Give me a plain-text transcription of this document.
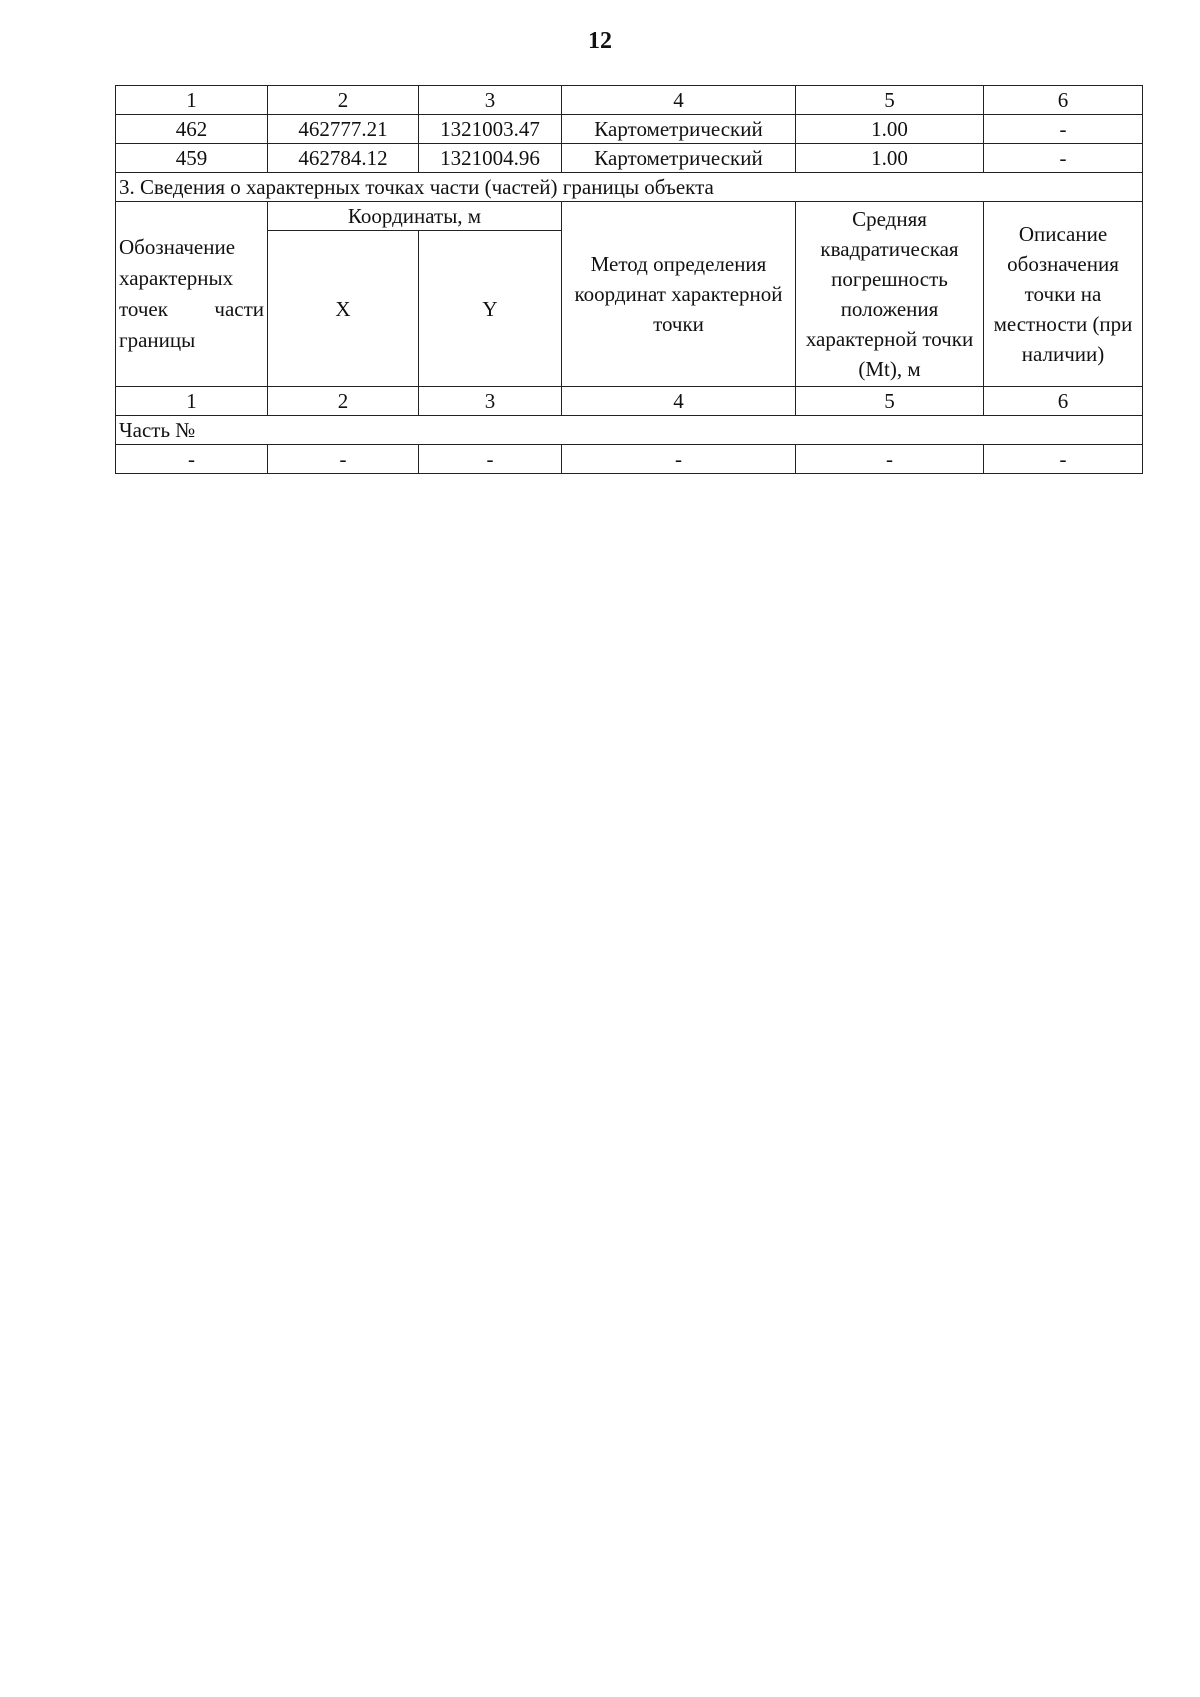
12
1	2	3	4	5	6
462	462777.21	1321003.47	Картометрический	1.00	-
459	462784.12	1321004.96	Картометрический	1.00	-
3. Сведения о характерных точках части (частей) границы объекта					
Обозначение характерных точек части границы	Координаты, м		Метод определения координат характерной точки	Средняя квадратическая погрешность положения характерной точки (Mt), м	Описание обозначения точки на местности (при наличии)
	X	Y			
1	2	3	4	5	6
Часть №					
-	-	-	-	-	-
